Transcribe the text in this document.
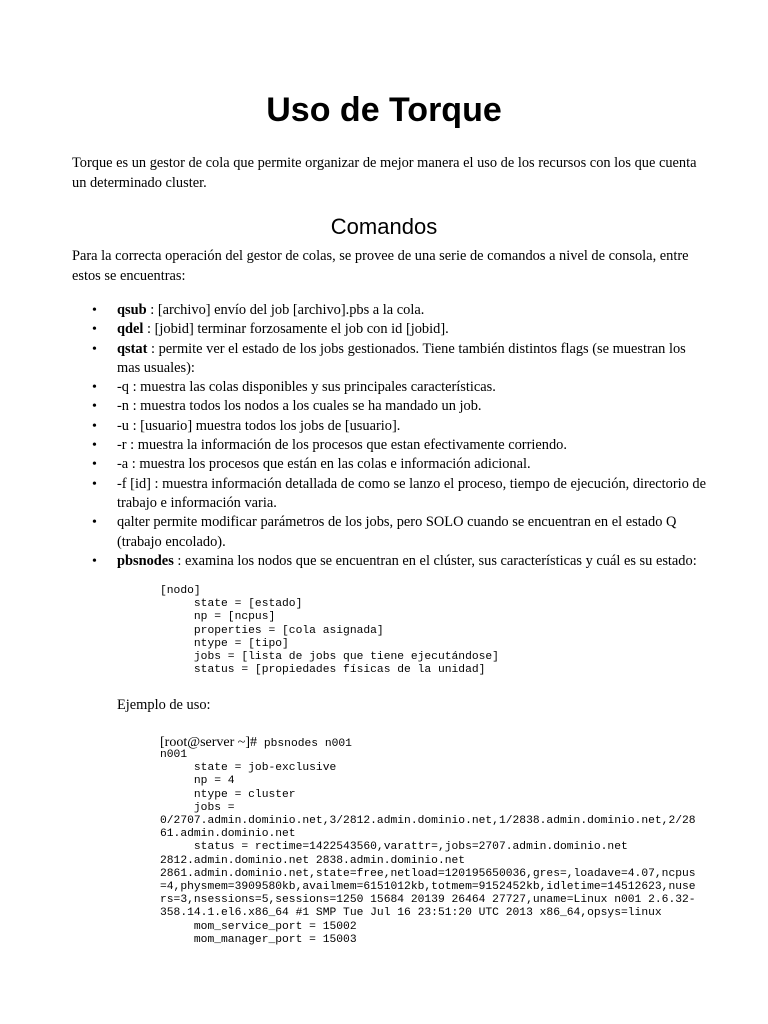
Uso de Torque

Torque es un gestor de cola que permite organizar de mejor manera el uso de los recursos con los que cuenta un determinado cluster.

Comandos

Para la correcta operación del gestor de colas, se provee de una serie de comandos a nivel de consola, entre estos se encuentras:

• qsub : [archivo] envío del job [archivo].pbs a la cola.
• qdel : [jobid] terminar forzosamente el job con id [jobid].
• qstat : permite ver el estado de los jobs gestionados. Tiene también distintos flags (se muestran los mas usuales):
• -q : muestra las colas disponibles y sus principales características.
• -n : muestra todos los nodos a los cuales se ha mandado un job.
• -u : [usuario] muestra todos los jobs de [usuario].
• -r : muestra la información de los procesos que estan efectivamente corriendo.
• -a : muestra los procesos que están en las colas e información adicional.
• -f [id] : muestra información detallada de como se lanzo el proceso, tiempo de ejecución, directorio de trabajo e información varia.
• qalter permite modificar parámetros de los jobs, pero SOLO cuando se encuentran en el estado Q (trabajo encolado).
• pbsnodes : examina los nodos que se encuentran en el clúster, sus características y cuál es su estado:
[nodo]
state = [estado]
np = [ncpus]
properties = [cola asignada]
ntype = [tipo]
jobs = [lista de jobs que tiene ejecutándose]
status = [propiedades físicas de la unidad]

Ejemplo de uso:

[root@server ~]# pbsnodes n001
n001
state = job-exclusive
np = 4
ntype = cluster
jobs =
0/2707.admin.dominio.net,3/2812.admin.dominio.net,1/2838.admin.dominio.net,2/28
61.admin.dominio.net
status = rectime=1422543560,varattr=,jobs=2707.admin.dominio.net
2812.admin.dominio.net 2838.admin.dominio.net
2861.admin.dominio.net,state=free,netload=120195650036,gres=,loadave=4.07,ncpus
=4,physmem=3909580kb,availmem=6151012kb,totmem=9152452kb,idletime=14512623,nuse
rs=3,nsessions=5,sessions=1250 15684 20139 26464 27727,uname=Linux n001 2.6.32-
358.14.1.el6.x86_64 #1 SMP Tue Jul 16 23:51:20 UTC 2013 x86_64,opsys=linux
mom_service_port = 15002
mom_manager_port = 15003
